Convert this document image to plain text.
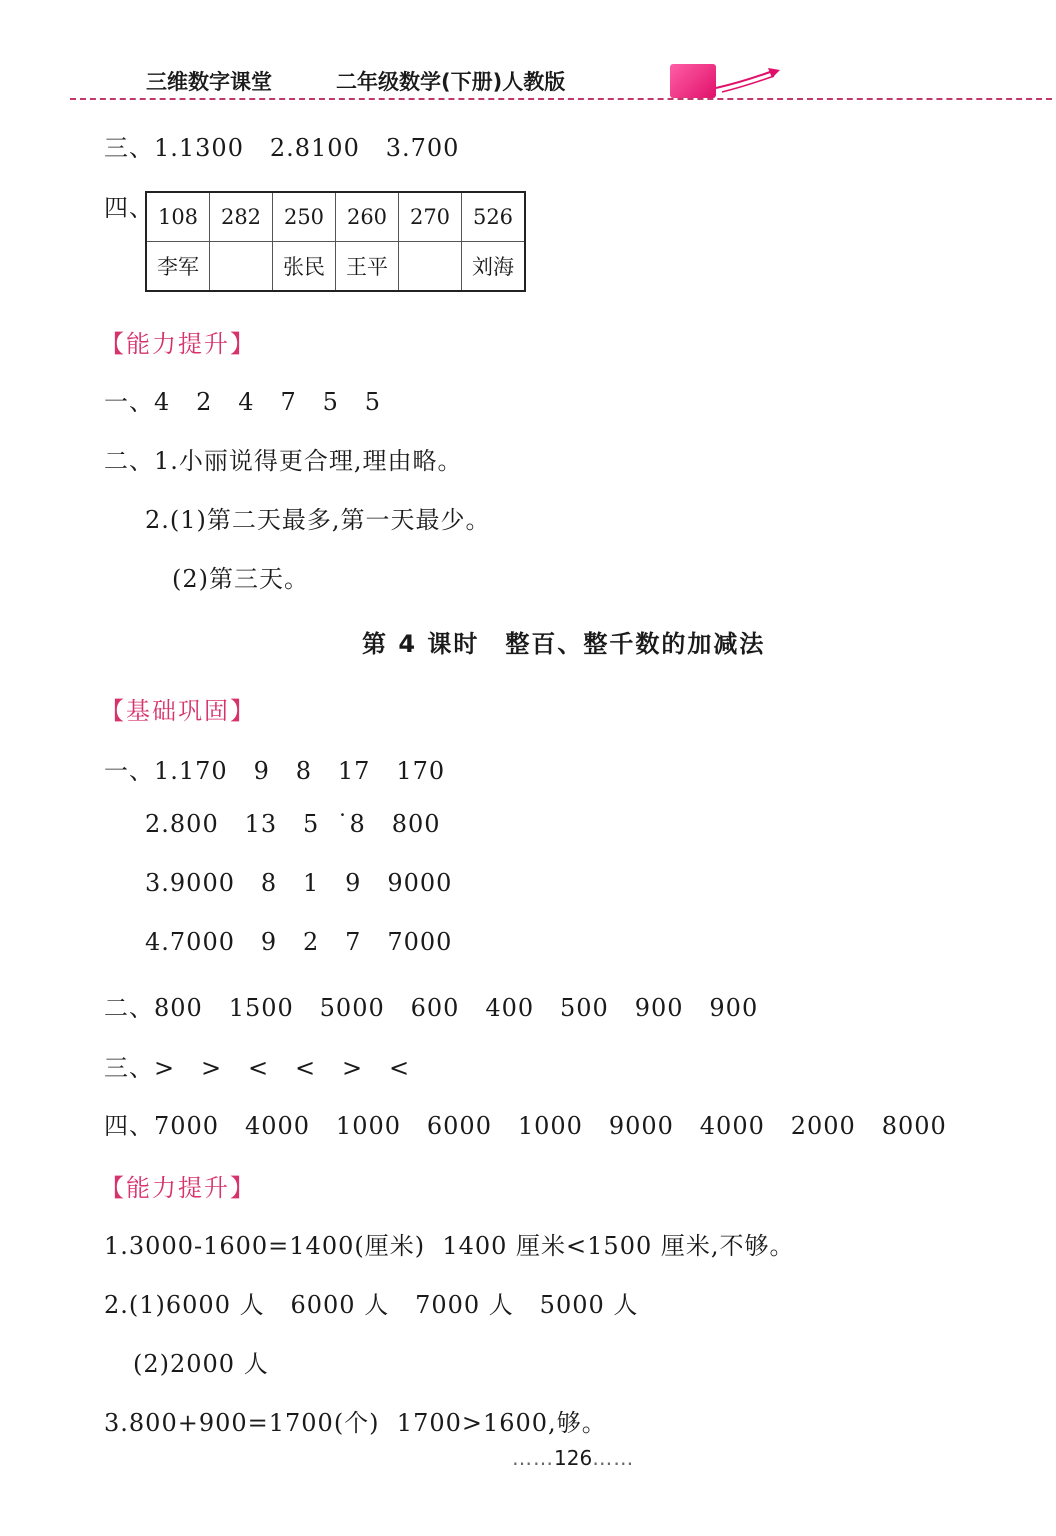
三维数字课堂	二年级数学(下册)人教版
三、1.1300   2.8100   3.700
四、 108	282	250	260	270	526
李军		张民	王平		刘海
【能力提升】
一、4   2   4   7   5   5
二、1.小丽说得更合理,理由略。
2.(1)第二天最多,第一天最少。
(2)第三天。
第 4 课时　整百、整千数的加减法
【基础巩固】
一、1.170   9   8   17   170
2.800   13   5  ˙8   800
3.9000   8   1   9   9000
4.7000   9   2   7   7000
二、800   1500   5000   600   400   500   900   900
三、>   >   <   <   >   <
四、7000   4000   1000   6000   1000   9000   4000   2000   8000
【能力提升】
1.3000-1600=1400(厘米)  1400 厘米<1500 厘米,不够。
2.(1)6000 人   6000 人   7000 人   5000 人
(2)2000 人
3.800+900=1700(个)  1700>1600,够。
……126……
